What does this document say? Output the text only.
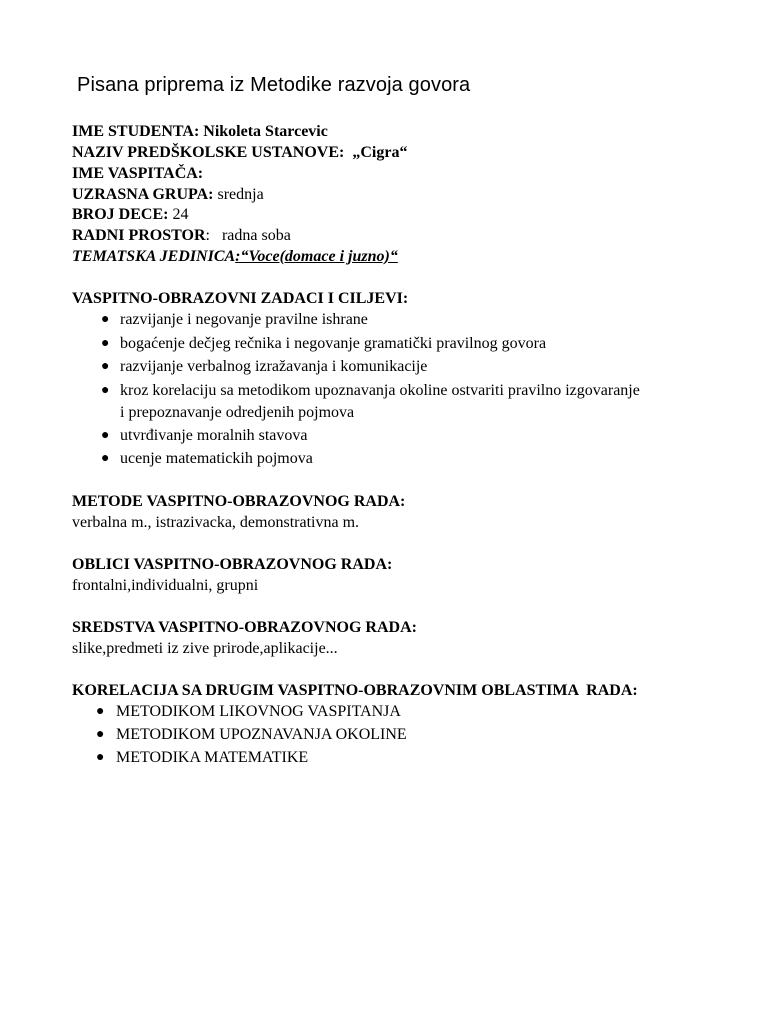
Pisana priprema iz Metodike razvoja govora
IME STUDENTA: Nikoleta Starcevic
NAZIV PREDŠKOLSKE USTANOVE:  „Cigra“
IME VASPITAČA:
UZRASNA GRUPA: srednja
BROJ DECE: 24
RADNI PROSTOR:   radna soba
TEMATSKA JEDINICA:“Voce(domace i juzno)“
VASPITNO-OBRAZOVNI ZADACI I CILJEVI:
● razvijanje i negovanje pravilne ishrane
● bogaćenje dečjeg rečnika i negovanje gramatički pravilnog govora
● razvijanje verbalnog izražavanja i komunikacije
● kroz korelaciju sa metodikom upoznavanja okoline ostvariti pravilno izgovaranje
i prepoznavanje odredjenih pojmova
● utvrđivanje moralnih stavova
● ucenje matematickih pojmova
METODE VASPITNO-OBRAZOVNOG RADA:
verbalna m., istrazivacka, demonstrativna m.
OBLICI VASPITNO-OBRAZOVNOG RADA:
frontalni,individualni, grupni
SREDSTVA VASPITNO-OBRAZOVNOG RADA:
slike,predmeti iz zive prirode,aplikacije...
KORELACIJA SA DRUGIM VASPITNO-OBRAZOVNIM OBLASTIMA  RADA:
● METODIKOM LIKOVNOG VASPITANJA
● METODIKOM UPOZNAVANJA OKOLINE
● METODIKA MATEMATIKE
